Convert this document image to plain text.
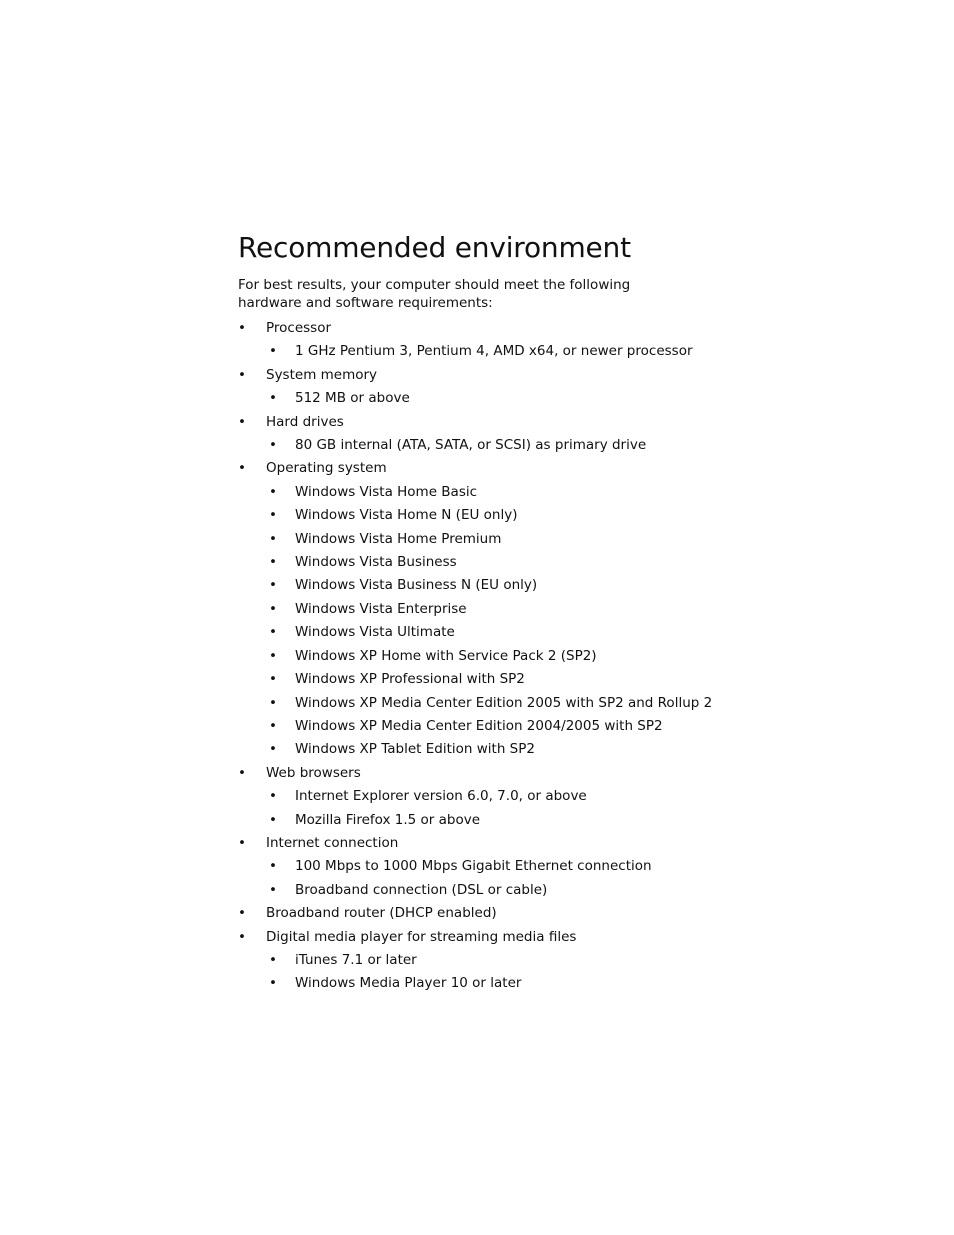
Recommended environment

For best results, your computer should meet the following hardware and software requirements:

• Processor
• 1 GHz Pentium 3, Pentium 4, AMD x64, or newer processor
• System memory
• 512 MB or above
• Hard drives
• 80 GB internal (ATA, SATA, or SCSI) as primary drive
• Operating system
• Windows Vista Home Basic
• Windows Vista Home N (EU only)
• Windows Vista Home Premium
• Windows Vista Business
• Windows Vista Business N (EU only)
• Windows Vista Enterprise
• Windows Vista Ultimate
• Windows XP Home with Service Pack 2 (SP2)
• Windows XP Professional with SP2
• Windows XP Media Center Edition 2005 with SP2 and Rollup 2
• Windows XP Media Center Edition 2004/2005 with SP2
• Windows XP Tablet Edition with SP2
• Web browsers
• Internet Explorer version 6.0, 7.0, or above
• Mozilla Firefox 1.5 or above
• Internet connection
• 100 Mbps to 1000 Mbps Gigabit Ethernet connection
• Broadband connection (DSL or cable)
• Broadband router (DHCP enabled)
• Digital media player for streaming media files
• iTunes 7.1 or later
• Windows Media Player 10 or later
